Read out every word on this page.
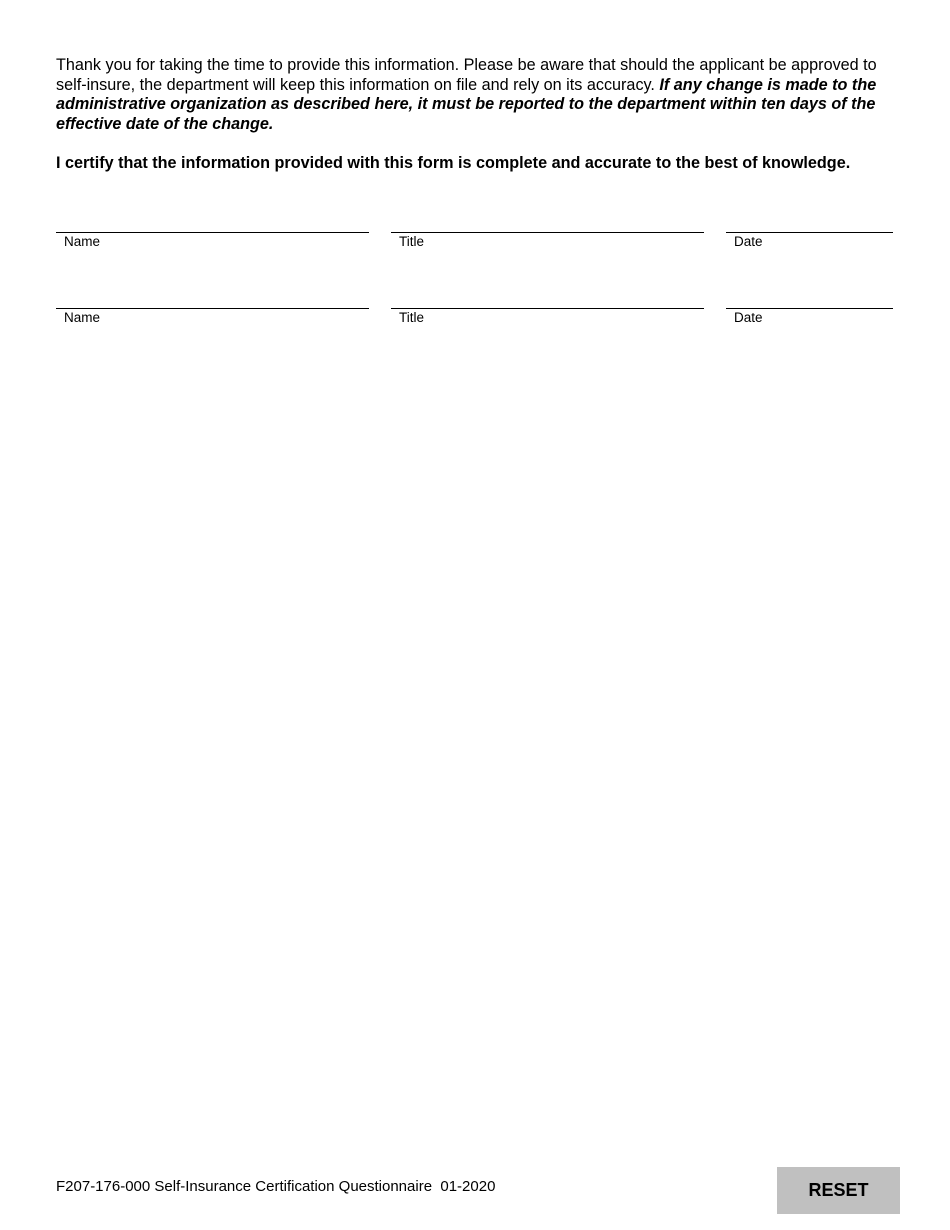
Thank you for taking the time to provide this information. Please be aware that should the applicant be approved to self-insure, the department will keep this information on file and rely on its accuracy. If any change is made to the administrative organization as described here, it must be reported to the department within ten days of the effective date of the change.

I certify that the information provided with this form is complete and accurate to the best of knowledge.

Name	Title	Date
Name	Title	Date
F207-176-000 Self-Insurance Certification Questionnaire  01-2020	RESET
